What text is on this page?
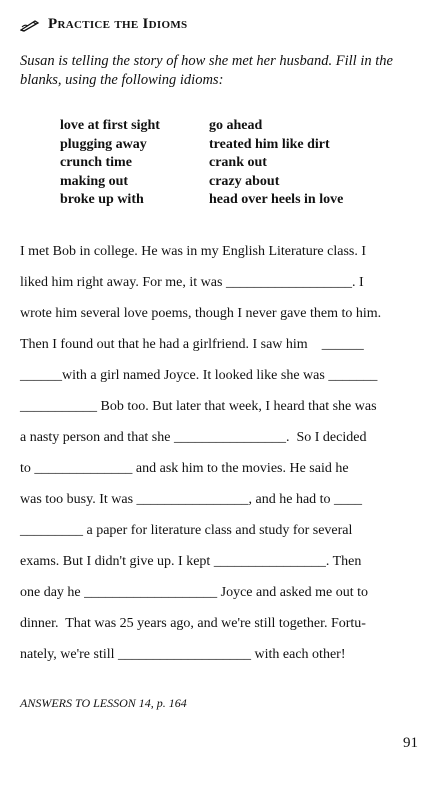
Practice the Idioms
Susan is telling the story of how she met her husband. Fill in the blanks, using the following idioms:
love at first sight
plugging away
crunch time
making out
broke up with
go ahead
treated him like dirt
crank out
crazy about
head over heels in love
I met Bob in college. He was in my English Literature class. I
liked him right away. For me, it was __________________. I
wrote him several love poems, though I never gave them to him.
Then I found out that he had a girlfriend. I saw him    ______
______with a girl named Joyce. It looked like she was _______
___________ Bob too. But later that week, I heard that she was
a nasty person and that she ________________.  So I decided
to ______________ and ask him to the movies. He said he
was too busy. It was ________________, and he had to ____
_________ a paper for literature class and study for several
exams. But I didn't give up. I kept ________________. Then
one day he ___________________ Joyce and asked me out to
dinner.  That was 25 years ago, and we're still together. Fortu-
nately, we're still ___________________ with each other!
ANSWERS TO LESSON 14, p. 164
91
